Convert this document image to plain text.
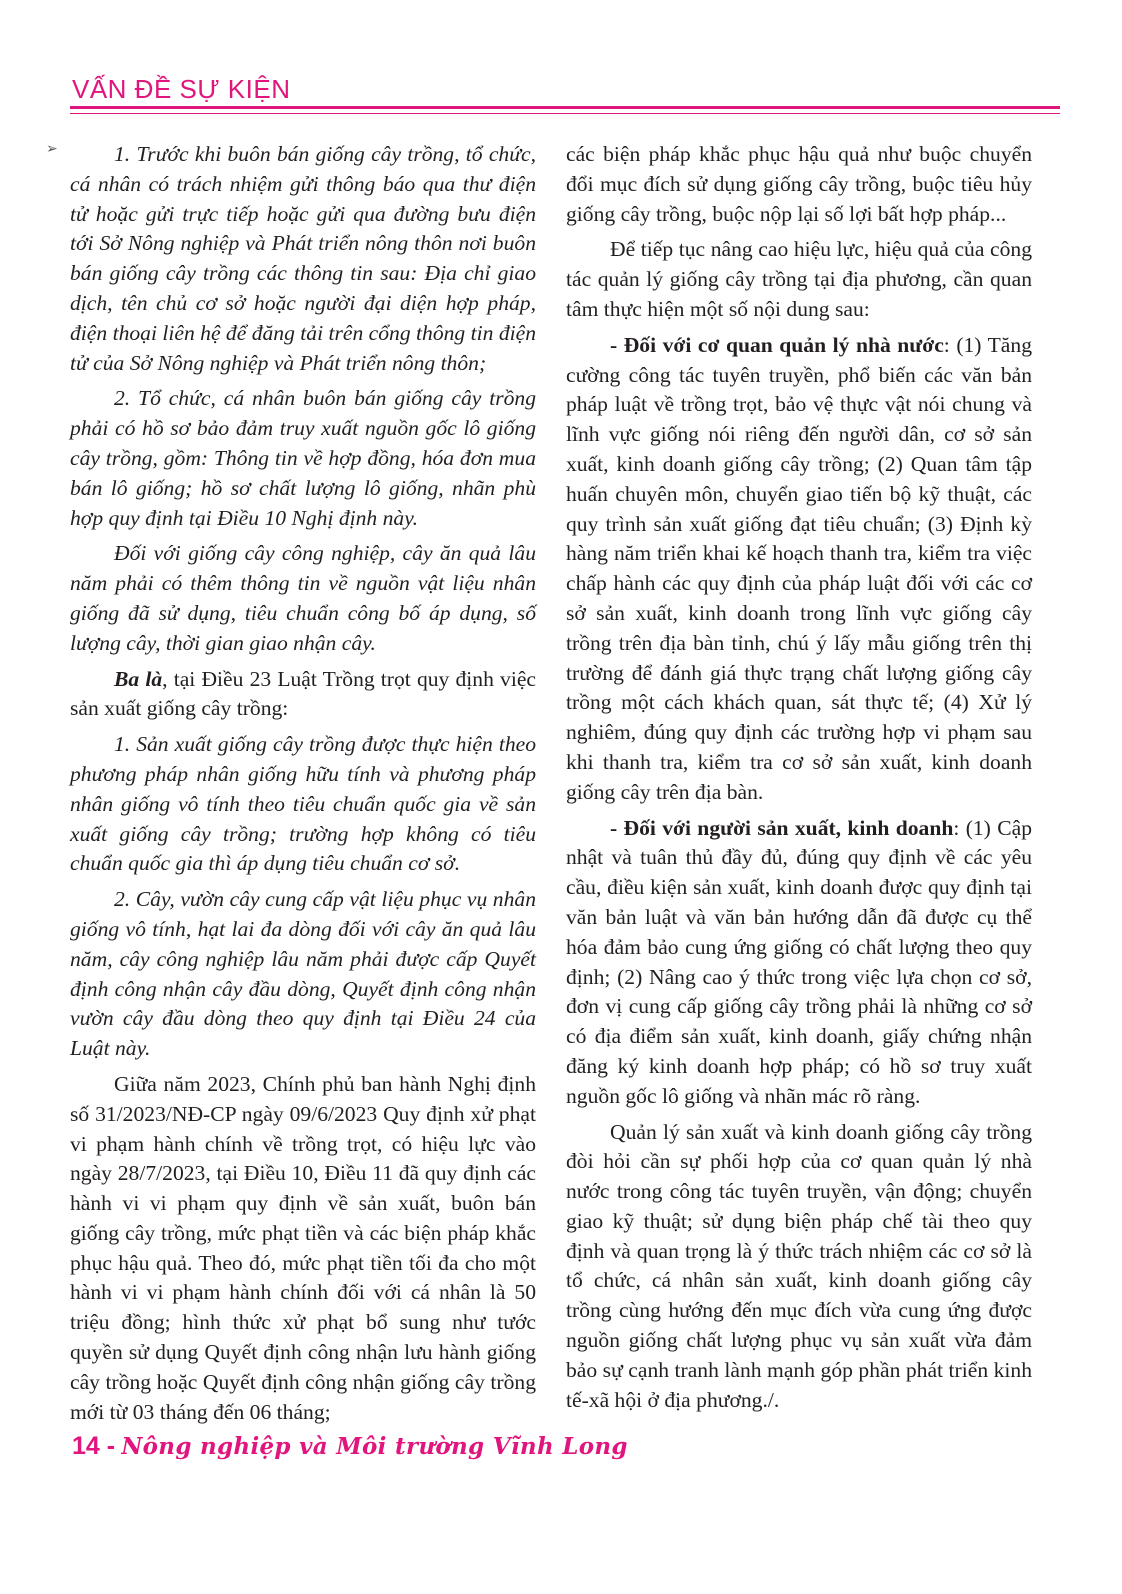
VẤN ĐỀ SỰ KIỆN
➢	1. Trước khi buôn bán giống cây trồng, tổ chức, cá nhân có trách nhiệm gửi thông báo qua thư điện tử hoặc gửi trực tiếp hoặc gửi qua đường bưu điện tới Sở Nông nghiệp và Phát triển nông thôn nơi buôn bán giống cây trồng các thông tin sau: Địa chỉ giao dịch, tên chủ cơ sở hoặc người đại diện hợp pháp, điện thoại liên hệ để đăng tải trên cổng thông tin điện tử của Sở Nông nghiệp và Phát triển nông thôn;

2. Tổ chức, cá nhân buôn bán giống cây trồng phải có hồ sơ bảo đảm truy xuất nguồn gốc lô giống cây trồng, gồm: Thông tin về hợp đồng, hóa đơn mua bán lô giống; hồ sơ chất lượng lô giống, nhãn phù hợp quy định tại Điều 10 Nghị định này.

Đối với giống cây công nghiệp, cây ăn quả lâu năm phải có thêm thông tin về nguồn vật liệu nhân giống đã sử dụng, tiêu chuẩn công bố áp dụng, số lượng cây, thời gian giao nhận cây.

Ba là, tại Điều 23 Luật Trồng trọt quy định việc sản xuất giống cây trồng:

1. Sản xuất giống cây trồng được thực hiện theo phương pháp nhân giống hữu tính và phương pháp nhân giống vô tính theo tiêu chuẩn quốc gia về sản xuất giống cây trồng; trường hợp không có tiêu chuẩn quốc gia thì áp dụng tiêu chuẩn cơ sở.

2. Cây, vườn cây cung cấp vật liệu phục vụ nhân giống vô tính, hạt lai đa dòng đối với cây ăn quả lâu năm, cây công nghiệp lâu năm phải được cấp Quyết định công nhận cây đầu dòng, Quyết định công nhận vườn cây đầu dòng theo quy định tại Điều 24 của Luật này.

Giữa năm 2023, Chính phủ ban hành Nghị định số 31/2023/NĐ-CP ngày 09/6/2023 Quy định xử phạt vi phạm hành chính về trồng trọt, có hiệu lực vào ngày 28/7/2023, tại Điều 10, Điều 11 đã quy định các hành vi vi phạm quy định về sản xuất, buôn bán giống cây trồng, mức phạt tiền và các biện pháp khắc phục hậu quả. Theo đó, mức phạt tiền tối đa cho một hành vi vi phạm hành chính đối với cá nhân là 50 triệu đồng; hình thức xử phạt bổ sung như tước quyền sử dụng Quyết định công nhận lưu hành giống cây trồng hoặc Quyết định công nhận giống cây trồng mới từ 03 tháng đến 06 tháng;

các biện pháp khắc phục hậu quả như buộc chuyển đổi mục đích sử dụng giống cây trồng, buộc tiêu hủy giống cây trồng, buộc nộp lại số lợi bất hợp pháp...

Để tiếp tục nâng cao hiệu lực, hiệu quả của công tác quản lý giống cây trồng tại địa phương, cần quan tâm thực hiện một số nội dung sau:

- Đối với cơ quan quản lý nhà nước: (1) Tăng cường công tác tuyên truyền, phổ biến các văn bản pháp luật về trồng trọt, bảo vệ thực vật nói chung và lĩnh vực giống nói riêng đến người dân, cơ sở sản xuất, kinh doanh giống cây trồng; (2) Quan tâm tập huấn chuyên môn, chuyển giao tiến bộ kỹ thuật, các quy trình sản xuất giống đạt tiêu chuẩn; (3) Định kỳ hàng năm triển khai kế hoạch thanh tra, kiểm tra việc chấp hành các quy định của pháp luật đối với các cơ sở sản xuất, kinh doanh trong lĩnh vực giống cây trồng trên địa bàn tỉnh, chú ý lấy mẫu giống trên thị trường để đánh giá thực trạng chất lượng giống cây trồng một cách khách quan, sát thực tế; (4) Xử lý nghiêm, đúng quy định các trường hợp vi phạm sau khi thanh tra, kiểm tra cơ sở sản xuất, kinh doanh giống cây trên địa bàn.

- Đối với người sản xuất, kinh doanh: (1) Cập nhật và tuân thủ đầy đủ, đúng quy định về các yêu cầu, điều kiện sản xuất, kinh doanh được quy định tại văn bản luật và văn bản hướng dẫn đã được cụ thể hóa đảm bảo cung ứng giống có chất lượng theo quy định; (2) Nâng cao ý thức trong việc lựa chọn cơ sở, đơn vị cung cấp giống cây trồng phải là những cơ sở có địa điểm sản xuất, kinh doanh, giấy chứng nhận đăng ký kinh doanh hợp pháp; có hồ sơ truy xuất nguồn gốc lô giống và nhãn mác rõ ràng.

Quản lý sản xuất và kinh doanh giống cây trồng đòi hỏi cần sự phối hợp của cơ quan quản lý nhà nước trong công tác tuyên truyền, vận động; chuyển giao kỹ thuật; sử dụng biện pháp chế tài theo quy định và quan trọng là ý thức trách nhiệm các cơ sở là tổ chức, cá nhân sản xuất, kinh doanh giống cây trồng cùng hướng đến mục đích vừa cung ứng được nguồn giống chất lượng phục vụ sản xuất vừa đảm bảo sự cạnh tranh lành mạnh góp phần phát triển kinh tế-xã hội ở địa phương./.

14 - Nông nghiệp và Môi trường Vĩnh Long
